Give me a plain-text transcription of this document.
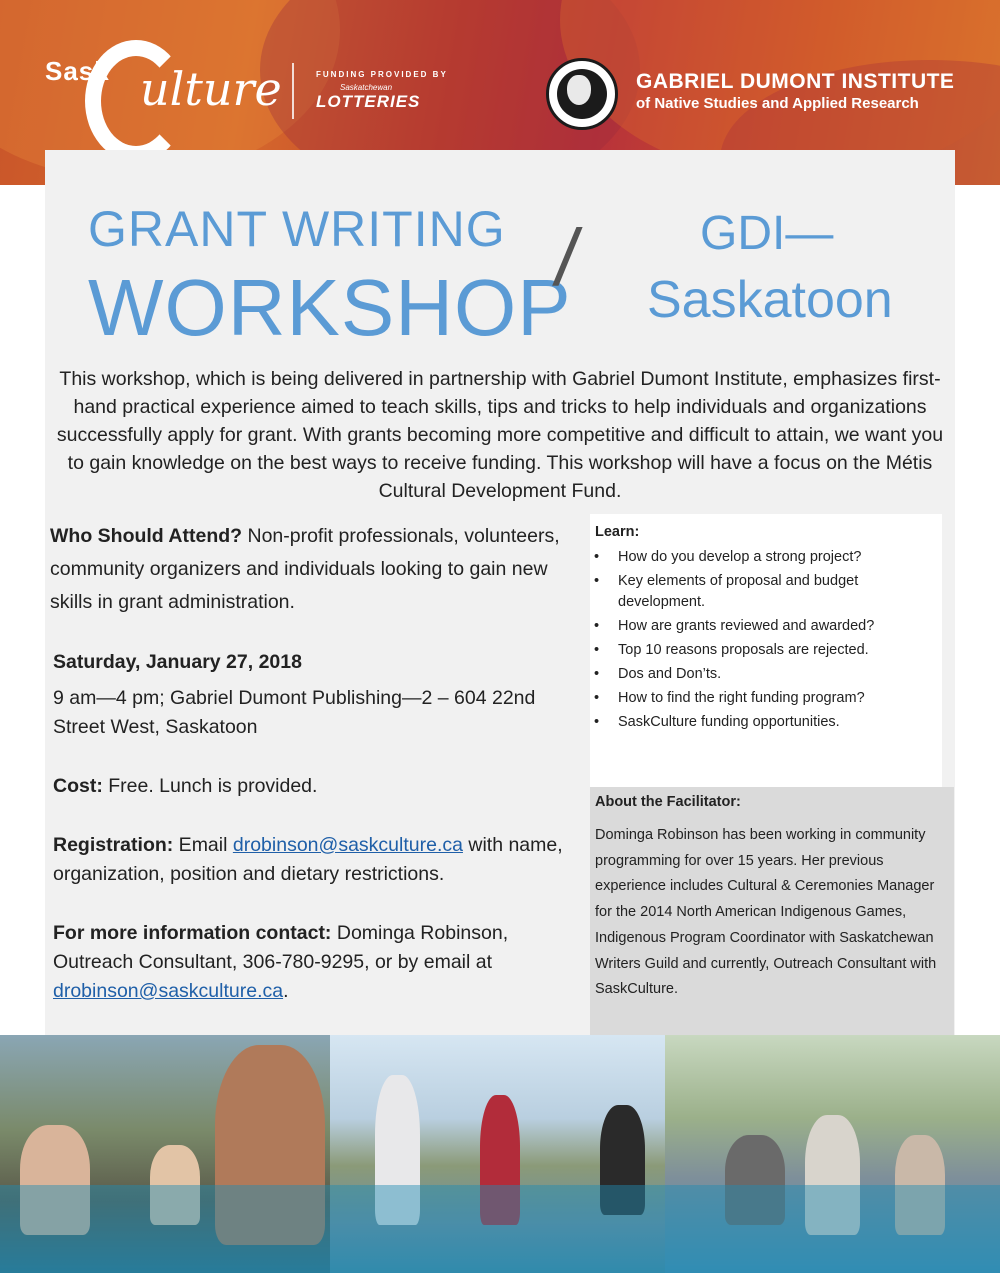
Sask ulture	FUNDING PROVIDED BY
Saskatchewan
LOTTERIES
GABRIEL DUMONT INSTITUTE
of Native Studies and Applied Research
GRANT WRITING
WORKSHOP
/ GDI—
Saskatoon
This workshop, which is being delivered in partnership with Gabriel Dumont Institute, emphasizes first-hand practical experience aimed to teach skills, tips and tricks to help individuals and organizations successfully apply for grant. With grants becoming more competitive and difficult to attain, we want you to gain knowledge on the best ways to receive funding. This workshop will have a focus on the Métis Cultural Development Fund.
Who Should Attend? Non-profit professionals, volunteers, community organizers and individuals looking to gain new skills in grant administration.
Saturday, January 27, 2018
9 am—4 pm; Gabriel Dumont Publishing—2 – 604 22nd Street West, Saskatoon
Cost: Free. Lunch is provided.
Registration: Email drobinson@saskculture.ca with name, organization, position and dietary restrictions.
For more information contact: Dominga Robinson, Outreach Consultant, 306-780-9295, or by email at drobinson@saskculture.ca.
Learn:
• How do you develop a strong project?
• Key elements of proposal and budget development.
• How are grants reviewed and awarded?
• Top 10 reasons proposals are rejected.
• Dos and Don’ts.
• How to find the right funding program?
• SaskCulture funding opportunities.
About the Facilitator:
Dominga Robinson has been working in community programming for over 15 years. Her previous experience includes Cultural & Ceremonies Manager for the 2014 North American Indigenous Games, Indigenous Program Coordinator with Saskatchewan Writers Guild and currently, Outreach Consultant with SaskCulture.
